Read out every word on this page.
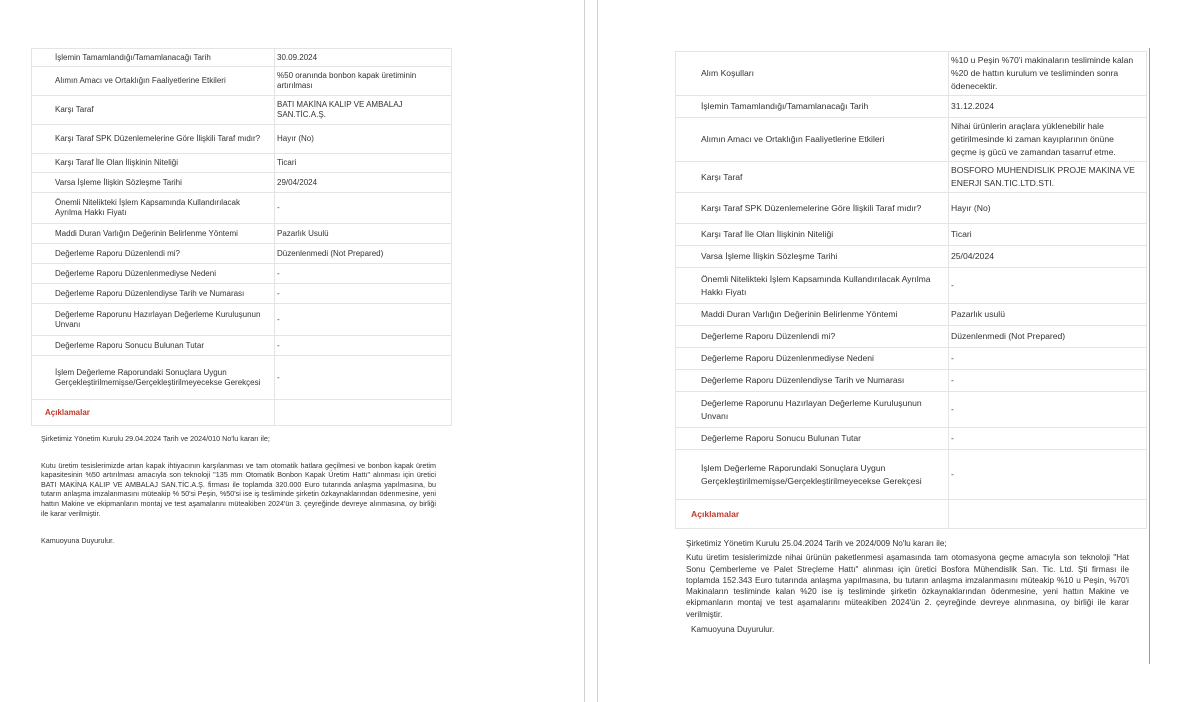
İşlemin Tamamlandığı/Tamamlanacağı Tarih	30.09.2024
Alımın Amacı ve Ortaklığın Faaliyetlerine Etkileri	%50 oranında bonbon kapak üretiminin artırılması
Karşı Taraf	BATI MAKİNA KALIP VE AMBALAJ SAN.TİC.A.Ş.
Karşı Taraf SPK Düzenlemelerine Göre İlişkili Taraf mıdır?	Hayır (No)
Karşı Taraf İle Olan İlişkinin Niteliği	Ticari
Varsa İşleme İlişkin Sözleşme Tarihi	29/04/2024
Önemli Nitelikteki İşlem Kapsamında Kullandırılacak Ayrılma Hakkı Fiyatı	-
Maddi Duran Varlığın Değerinin Belirlenme Yöntemi	Pazarlık Usulü
Değerleme Raporu Düzenlendi mi?	Düzenlenmedi (Not Prepared)
Değerleme Raporu Düzenlenmediyse Nedeni	-
Değerleme Raporu Düzenlendiyse Tarih ve Numarası	-
Değerleme Raporunu Hazırlayan Değerleme Kuruluşunun Unvanı	-
Değerleme Raporu Sonucu Bulunan Tutar	-
İşlem Değerleme Raporundaki Sonuçlara Uygun Gerçekleştirilmemişse/Gerçekleştirilmeyecekse Gerekçesi	-
Açıklamalar	

Şirketimiz Yönetim Kurulu 29.04.2024 Tarih ve 2024/010 No'lu kararı ile;

Kutu üretim tesislerimizde artan kapak ihtiyacının karşılanması ve tam otomatik hatlara geçilmesi ve bonbon kapak üretim kapasitesinin %50 artırılması amacıyla son teknoloji "135 mm Otomatik Bonbon Kapak Üretim Hattı" alınması için üretici BATI MAKİNA KALIP VE AMBALAJ SAN.TİC.A.Ş. firması ile toplamda 320.000 Euro tutarında anlaşma yapılmasına, bu tutarın anlaşma imzalanmasını müteakip % 50'si Peşin, %50'si ise iş tesliminde şirketin özkaynaklarından ödenmesine, yeni hattın Makine ve ekipmanların montaj ve test aşamalarını müteakiben 2024'ün 3. çeyreğinde devreye alınmasına, oy birliği ile karar verilmiştir.

Kamuoyuna Duyurulur.

Alım Koşulları	%10 u Peşin %70'i makinaların tesliminde kalan %20 de hattın kurulum ve tesliminden sonra ödenecektir.
İşlemin Tamamlandığı/Tamamlanacağı Tarih	31.12.2024
Alımın Amacı ve Ortaklığın Faaliyetlerine Etkileri	Nihai ürünlerin araçlara yüklenebilir hale getirilmesinde ki zaman kayıplarının önüne geçme iş gücü ve zamandan tasarruf etme.
Karşı Taraf	BOSFORO MUHENDISLIK PROJE MAKINA VE ENERJI SAN.TIC.LTD.STI.
Karşı Taraf SPK Düzenlemelerine Göre İlişkili Taraf mıdır?	Hayır (No)
Karşı Taraf İle Olan İlişkinin Niteliği	Ticari
Varsa İşleme İlişkin Sözleşme Tarihi	25/04/2024
Önemli Nitelikteki İşlem Kapsamında Kullandırılacak Ayrılma Hakkı Fiyatı	-
Maddi Duran Varlığın Değerinin Belirlenme Yöntemi	Pazarlık usulü
Değerleme Raporu Düzenlendi mi?	Düzenlenmedi (Not Prepared)
Değerleme Raporu Düzenlenmediyse Nedeni	-
Değerleme Raporu Düzenlendiyse Tarih ve Numarası	-
Değerleme Raporunu Hazırlayan Değerleme Kuruluşunun Unvanı	-
Değerleme Raporu Sonucu Bulunan Tutar	-
İşlem Değerleme Raporundaki Sonuçlara Uygun Gerçekleştirilmemişse/Gerçekleştirilmeyecekse Gerekçesi	-
Açıklamalar	

Şirketimiz Yönetim Kurulu 25.04.2024 Tarih ve 2024/009 No'lu kararı ile;

Kutu üretim tesislerimizde nihai ürünün paketlenmesi aşamasında tam otomasyona geçme amacıyla son teknoloji "Hat Sonu Çemberleme ve Palet Streçleme Hattı" alınması için üretici Bosfora Mühendislik San. Tic. Ltd. Şti firması ile toplamda 152.343 Euro tutarında anlaşma yapılmasına, bu tutarın anlaşma imzalanmasını müteakip %10 u Peşin, %70'i Makinaların tesliminde kalan %20 ise iş tesliminde şirketin özkaynaklarından ödenmesine, yeni hattın Makine ve ekipmanların montaj ve test aşamalarını müteakiben 2024'ün 2. çeyreğinde devreye alınmasına, oy birliği ile karar verilmiştir.

Kamuoyuna Duyurulur.
